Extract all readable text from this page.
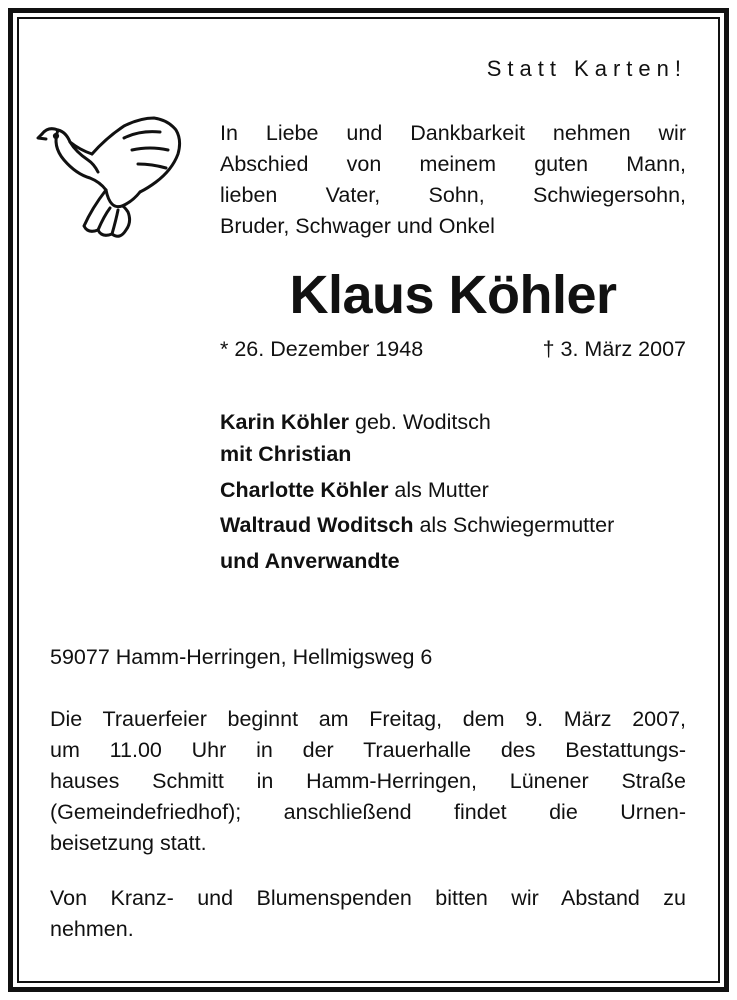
Statt Karten!
In Liebe und Dankbarkeit nehmen wir
Abschied von meinem guten Mann,
lieben Vater, Sohn, Schwiegersohn,
Bruder, Schwager und Onkel
Klaus Köhler
* 26. Dezember 1948	† 3. März 2007
Karin Köhler geb. Woditsch
mit Christian
Charlotte Köhler als Mutter
Waltraud Woditsch als Schwiegermutter
und Anverwandte
59077 Hamm-Herringen, Hellmigsweg 6
Die Trauerfeier beginnt am Freitag, dem 9. März 2007,
um 11.00 Uhr in der Trauerhalle des Bestattungs-
hauses Schmitt in Hamm-Herringen, Lünener Straße
(Gemeindefriedhof); anschließend findet die Urnen-
beisetzung statt.
Von Kranz- und Blumenspenden bitten wir Abstand zu
nehmen.
